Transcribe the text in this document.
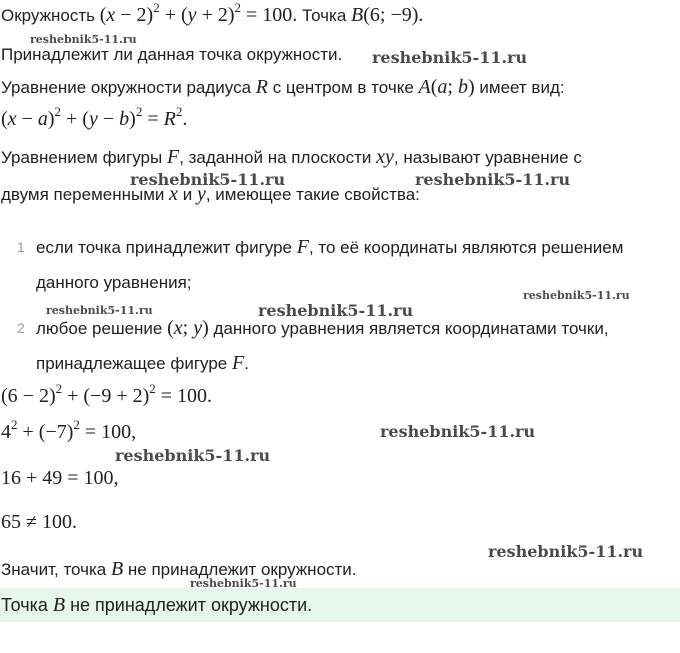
Окружность $(x - 2)^2 + (y + 2)^2 = 100$. Точка B(6; −9).
Принадлежит ли данная точка окружности.
Уравнение окружности радиуса R с центром в точке A(a; b) имеет вид:
$(x - a)^2 + (y - b)^2 = R^2$.
Уравнением фигуры F, заданной на плоскости xy, называют уравнение с
двумя переменными x и y, имеющее такие свойства:
1 если точка принадлежит фигуре F, то её координаты являются решением
данного уравнения;
2 любое решение (x; y) данного уравнения является координатами точки,
принадлежащее фигуре F.
$(6 - 2)^2 + (-9 + 2)^2 = 100$.
$4^2 + (-7)^2 = 100$,
16 + 49 = 100,
65 ≠ 100.
Значит, точка B не принадлежит окружности.
Точка B не принадлежит окружности.
reshebnik5-11.ru
reshebnik5-11.ru
reshebnik5-11.ru	reshebnik5-11.ru
reshebnik5-11.ru	reshebnik5-11.ru
reshebnik5-11.ru
reshebnik5-11.ru
reshebnik5-11.ru
reshebnik5-11.ru
reshebnik5-11.ru
